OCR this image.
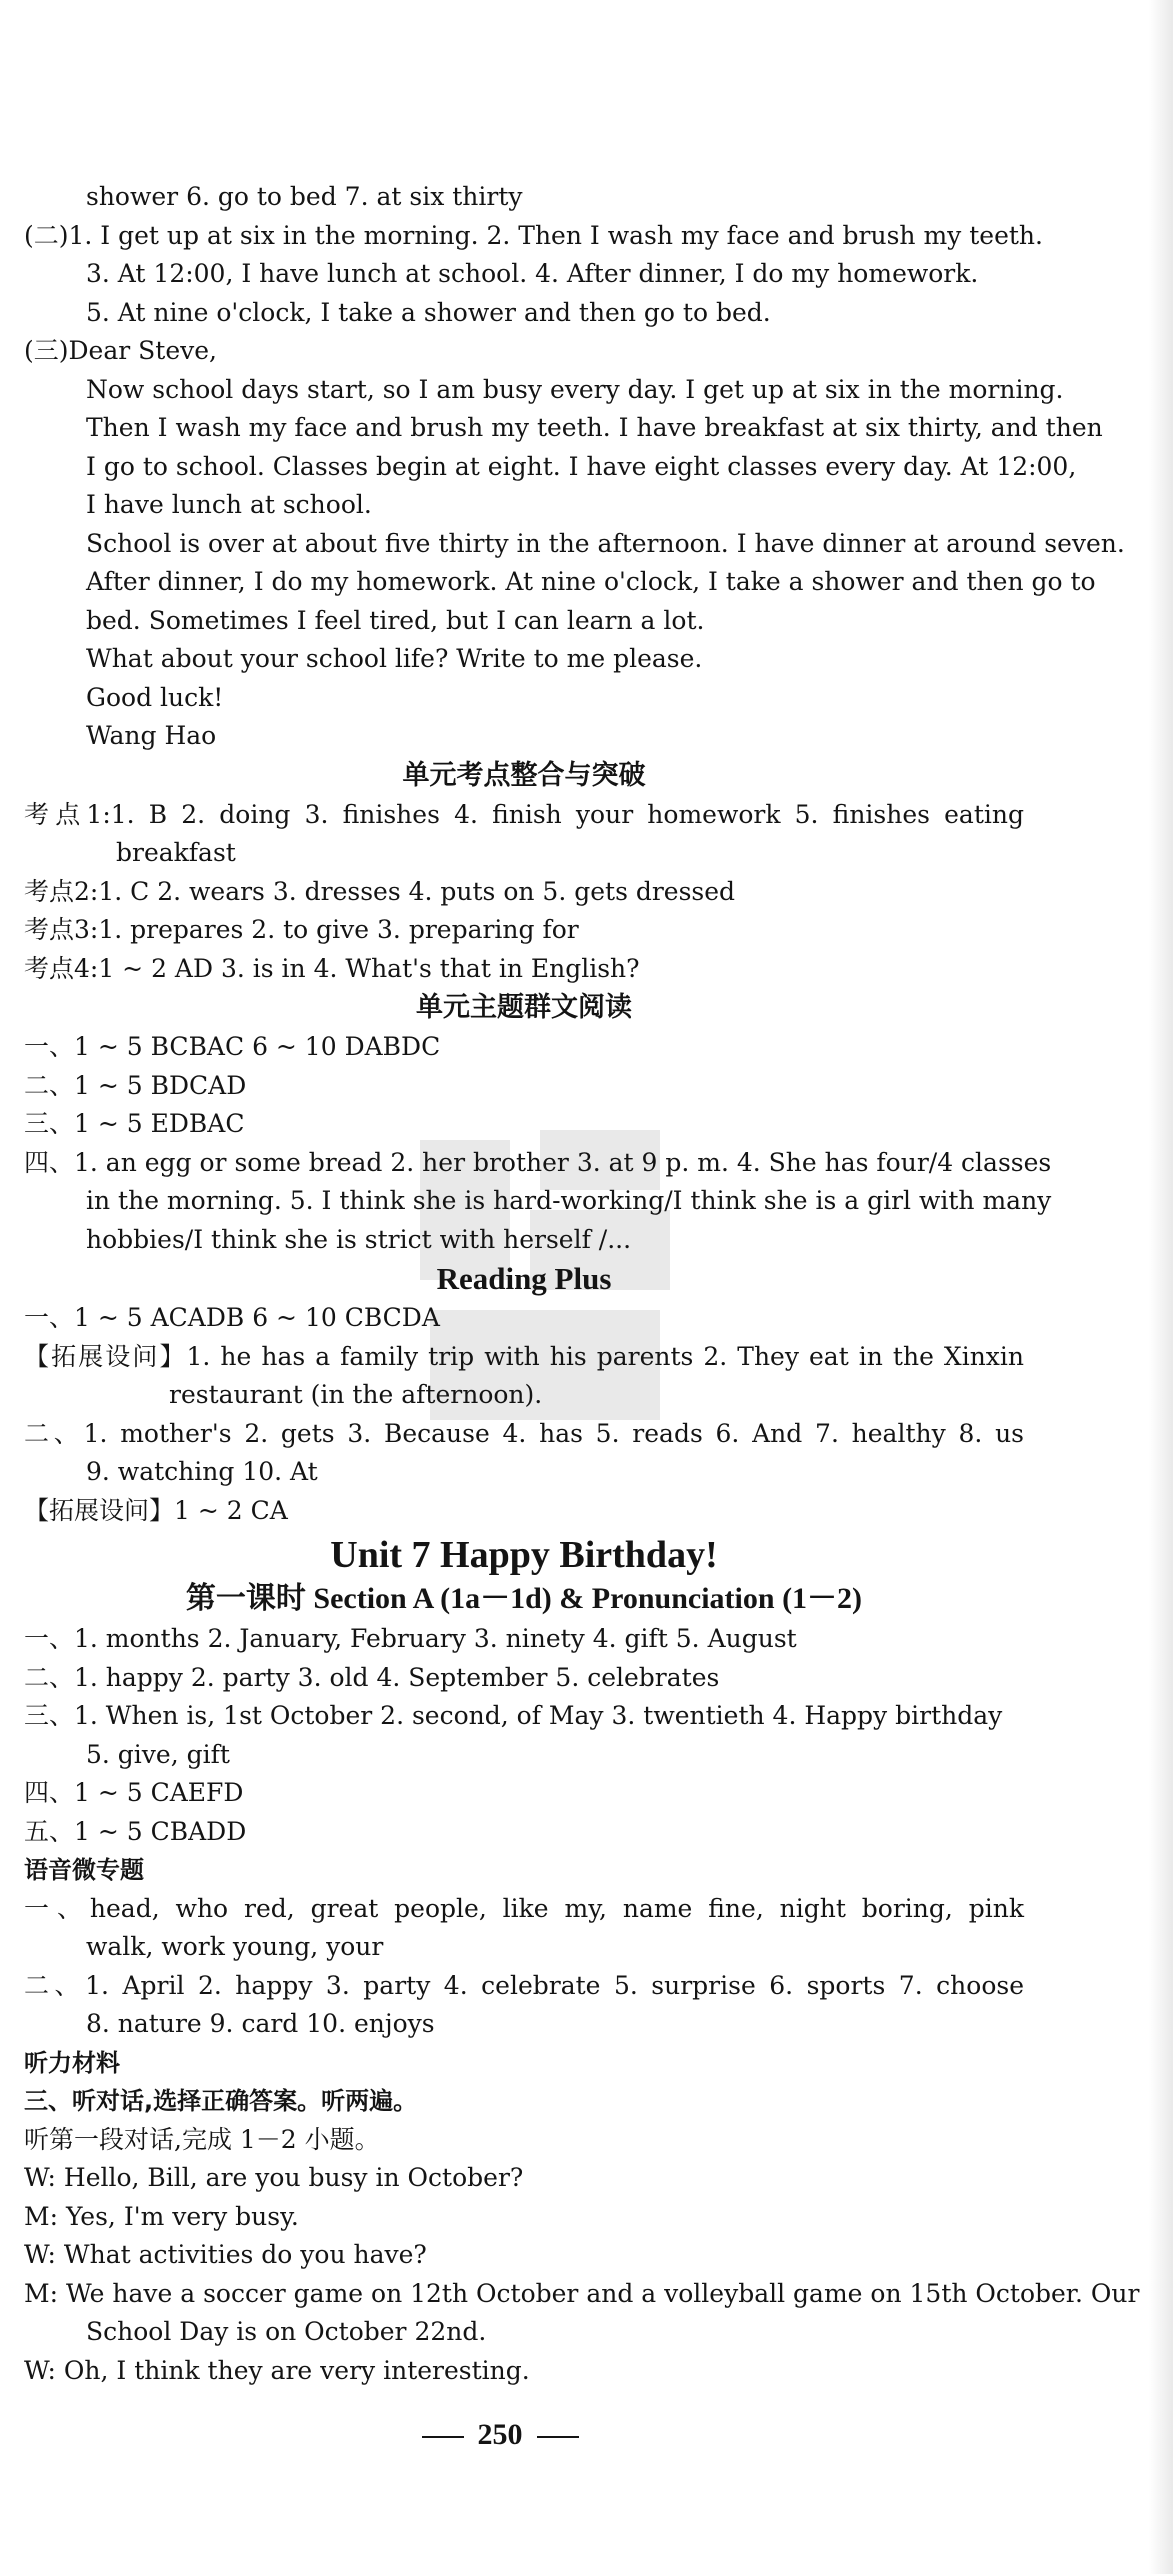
shower 6. go to bed 7. at six thirty
(二)1. I get up at six in the morning. 2. Then I wash my face and brush my teeth.
3. At 12:00, I have lunch at school. 4. After dinner, I do my homework.
5. At nine o'clock, I take a shower and then go to bed.
(三)Dear Steve,
Now school days start, so I am busy every day. I get up at six in the morning.
Then I wash my face and brush my teeth. I have breakfast at six thirty, and then
I go to school. Classes begin at eight. I have eight classes every day. At 12:00,
I have lunch at school.
School is over at about five thirty in the afternoon. I have dinner at around seven.
After dinner, I do my homework. At nine o'clock, I take a shower and then go to
bed. Sometimes I feel tired, but I can learn a lot.
What about your school life? Write to me please.
Good luck!
Wang Hao
单元考点整合与突破
考点1:1. B 2. doing 3. finishes 4. finish your homework 5. finishes eating
breakfast
考点2:1. C 2. wears 3. dresses 4. puts on 5. gets dressed
考点3:1. prepares 2. to give 3. preparing for
考点4:1 ~ 2 AD 3. is in 4. What's that in English?
单元主题群文阅读
一、1 ~ 5 BCBAC 6 ~ 10 DABDC
二、1 ~ 5 BDCAD
三、1 ~ 5 EDBAC
四、1. an egg or some bread 2. her brother 3. at 9 p. m. 4. She has four/4 classes
in the morning. 5. I think she is hard-working/I think she is a girl with many
hobbies/I think she is strict with herself /...
Reading Plus
一、1 ~ 5 ACADB 6 ~ 10 CBCDA
【拓展设问】1. he has a family trip with his parents 2. They eat in the Xinxin
restaurant (in the afternoon).
二、1. mother's 2. gets 3. Because 4. has 5. reads 6. And 7. healthy 8. us
9. watching 10. At
【拓展设问】1 ~ 2 CA
Unit 7 Happy Birthday!
第一课时 Section A (1a－1d) & Pronunciation (1－2)
一、1. months 2. January, February 3. ninety 4. gift 5. August
二、1. happy 2. party 3. old 4. September 5. celebrates
三、1. When is, 1st October 2. second, of May 3. twentieth 4. Happy birthday
5. give, gift
四、1 ~ 5 CAEFD
五、1 ~ 5 CBADD
语音微专题
一、head, who red, great people, like my, name fine, night boring, pink
walk, work young, your
二、1. April 2. happy 3. party 4. celebrate 5. surprise 6. sports 7. choose
8. nature 9. card 10. enjoys
听力材料
三、听对话,选择正确答案。听两遍。
听第一段对话,完成 1－2 小题。
W: Hello, Bill, are you busy in October?
M: Yes, I'm very busy.
W: What activities do you have?
M: We have a soccer game on 12th October and a volleyball game on 15th October. Our
School Day is on October 22nd.
W: Oh, I think they are very interesting.
250
